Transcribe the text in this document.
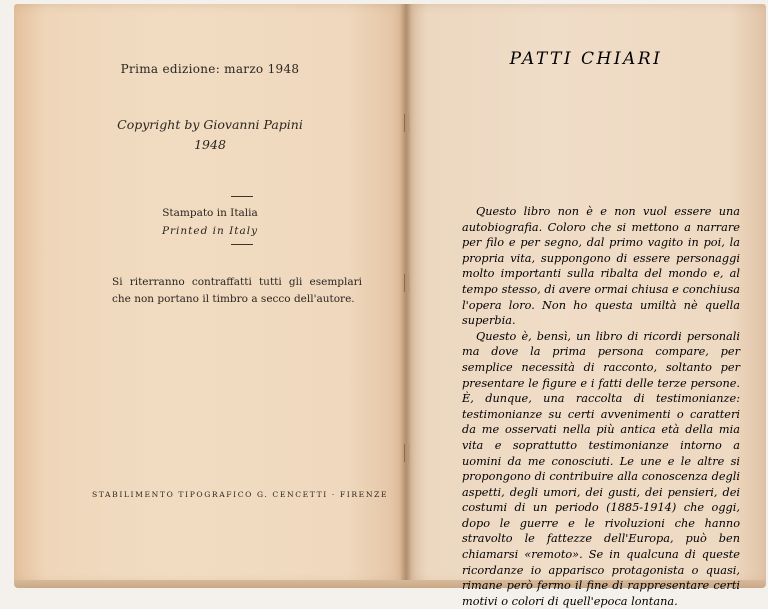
Prima edizione: marzo 1948
Copyright by Giovanni Papini
1948
Stampato in Italia
Printed in Italy
Si riterranno contraffatti tutti gli esemplari che non portano il timbro a secco dell'autore.
STABILIMENTO TIPOGRAFICO G. CENCETTI · FIRENZE
PATTI CHIARI

Questo libro non è e non vuol essere una autobiografia. Coloro che si mettono a narrare per filo e per segno, dal primo vagito in poi, la propria vita, suppongono di essere personaggi molto importanti sulla ribalta del mondo e, al tempo stesso, di avere ormai chiusa e conchiusa l'opera loro. Non ho questa umiltà nè quella superbia.

Questo è, bensì, un libro di ricordi personali ma dove la prima persona compare, per semplice necessità di racconto, soltanto per presentare le figure e i fatti delle terze persone. È, dunque, una raccolta di testimonianze: testimonianze su certi avvenimenti o caratteri da me osservati nella più antica età della mia vita e soprattutto testimonianze intorno a uomini da me conosciuti. Le une e le altre si propongono di contribuire alla conoscenza degli aspetti, degli umori, dei gusti, dei pensieri, dei costumi di un periodo (1885-1914) che oggi, dopo le guerre e le rivoluzioni che hanno stravolto le fattezze dell'Europa, può ben chiamarsi «remoto». Se in qualcuna di queste ricordanze io apparisco protagonista o quasi, rimane però fermo il fine di rappresentare certi motivi o colori di quell'epoca lontana.
